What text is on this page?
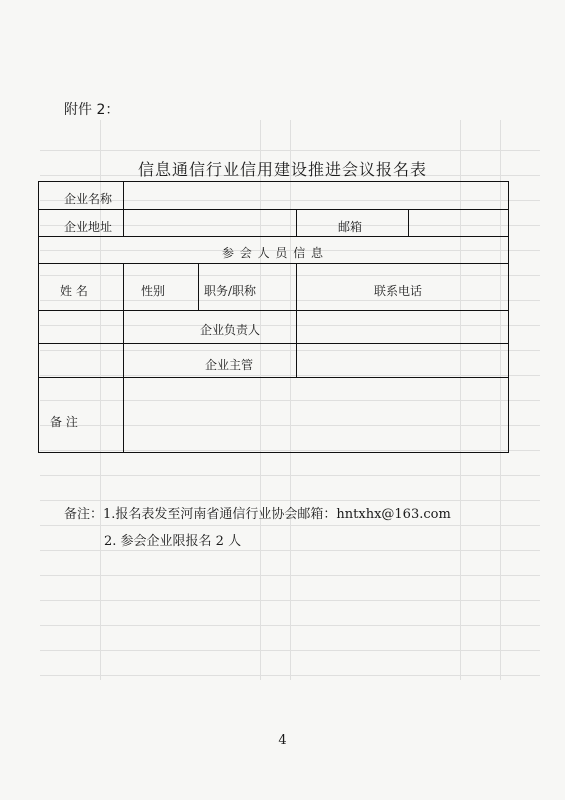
附件 2：
信息通信行业信用建设推进会议报名表
企业名称
企业地址	邮箱
参 会 人 员 信 息
姓 名	性别	职务/职称	联系电话
企业负责人
企业主管
备 注
备注：1.报名表发至河南省通信行业协会邮箱：hntxhx@163.com
2. 参会企业限报名 2 人
4
